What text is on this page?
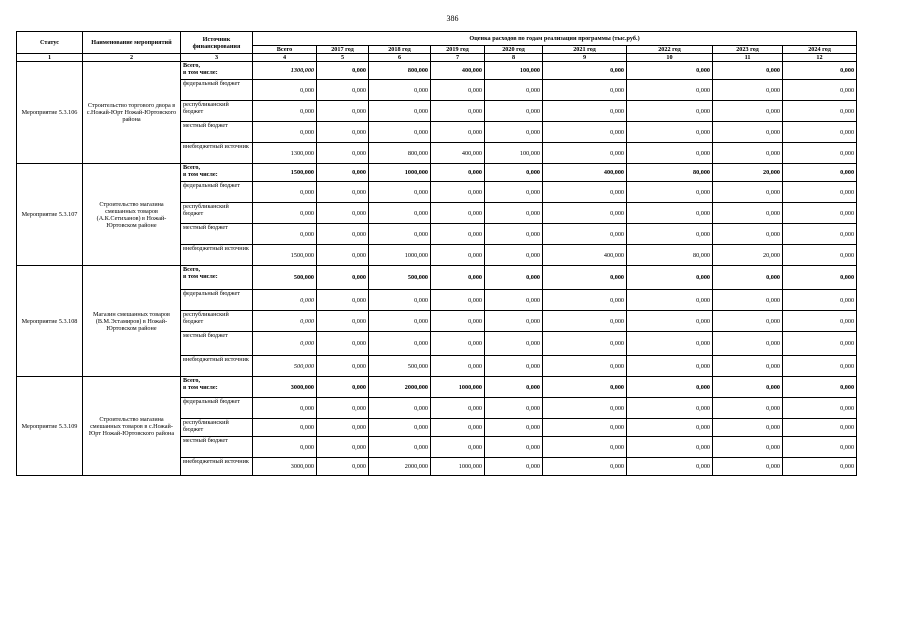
386
Статус	Наименование мероприятий	Источник финансирования	Оценка расходов по годам реализации программы (тыс.руб.)								
			Всего	2017 год	2018 год	2019 год	2020 год	2021 год	2022 год	2023 год	2024 год
1	2	3	4	5	6	7	8	9	10	11	12
Мероприятие 5.3.106	Строительство торгового двора в с.Ножай-Юрт Ножай-Юртовского района	Всего,
в том числе:	1300,000	0,000	800,000	400,000	100,000	0,000	0,000	0,000	0,000
		федеральный бюджет	0,000	0,000	0,000	0,000	0,000	0,000	0,000	0,000	0,000
		республиканский бюджет	0,000	0,000	0,000	0,000	0,000	0,000	0,000	0,000	0,000
		местный бюджет	0,000	0,000	0,000	0,000	0,000	0,000	0,000	0,000	0,000
		внебюджетный источник	1300,000	0,000	800,000	400,000	100,000	0,000	0,000	0,000	0,000
Мероприятие 5.3.107	Строительство магазина смешанных товаров (А.К.Сетиханов) в Ножай-Юртовском районе	Всего,
в том числе:	1500,000	0,000	1000,000	0,000	0,000	400,000	80,000	20,000	0,000
		федеральный бюджет	0,000	0,000	0,000	0,000	0,000	0,000	0,000	0,000	0,000
		республиканский бюджет	0,000	0,000	0,000	0,000	0,000	0,000	0,000	0,000	0,000
		местный бюджет	0,000	0,000	0,000	0,000	0,000	0,000	0,000	0,000	0,000
		внебюджетный источник	1500,000	0,000	1000,000	0,000	0,000	400,000	80,000	20,000	0,000
Мероприятие 5.3.108	Магазин смешанных товаров (В.М.Эстамиров) в Ножай-Юртовском районе	Всего,
в том числе:	500,000	0,000	500,000	0,000	0,000	0,000	0,000	0,000	0,000
		федеральный бюджет	0,000	0,000	0,000	0,000	0,000	0,000	0,000	0,000	0,000
		республиканский бюджет	0,000	0,000	0,000	0,000	0,000	0,000	0,000	0,000	0,000
		местный бюджет	0,000	0,000	0,000	0,000	0,000	0,000	0,000	0,000	0,000
		внебюджетный источник	500,000	0,000	500,000	0,000	0,000	0,000	0,000	0,000	0,000
Мероприятие 5.3.109	Строительство магазина смешанных товаров в с.Ножай-Юрт Ножай-Юртовского района	Всего,
в том числе:	3000,000	0,000	2000,000	1000,000	0,000	0,000	0,000	0,000	0,000
		федеральный бюджет	0,000	0,000	0,000	0,000	0,000	0,000	0,000	0,000	0,000
		республиканский бюджет	0,000	0,000	0,000	0,000	0,000	0,000	0,000	0,000	0,000
		местный бюджет	0,000	0,000	0,000	0,000	0,000	0,000	0,000	0,000	0,000
		внебюджетный источник	3000,000	0,000	2000,000	1000,000	0,000	0,000	0,000	0,000	0,000
